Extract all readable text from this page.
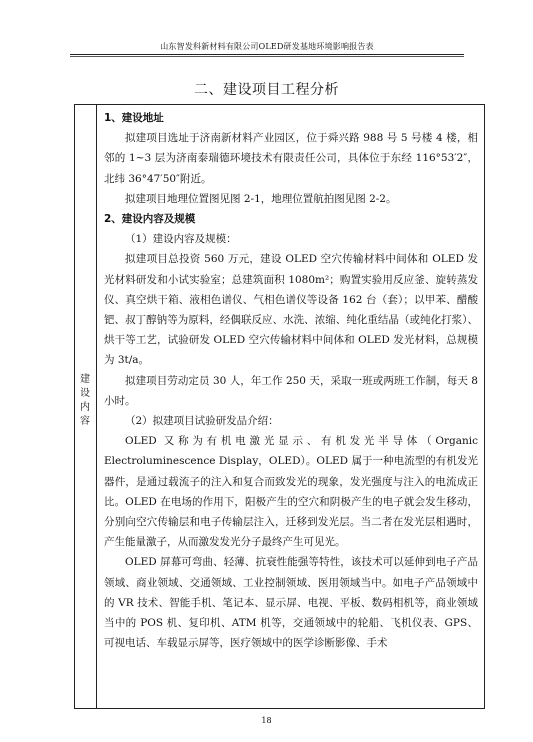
山东智发科新材料有限公司OLED研发基地环境影响报告表
二、建设项目工程分析
建设内容

1、建设地址

拟建项目选址于济南新材料产业园区，位于舜兴路 988 号 5 号楼 4 楼，相邻的 1~3 层为济南泰瑞德环境技术有限责任公司，具体位于东经 116°53′2″，北纬 36°47′50″附近。

拟建项目地理位置图见图 2-1，地理位置航拍图见图 2-2。

2、建设内容及规模

（1）建设内容及规模：

拟建项目总投资 560 万元，建设 OLED 空穴传输材料中间体和 OLED 发光材料研发和小试实验室；总建筑面积 1080m²；购置实验用反应釜、旋转蒸发仪、真空烘干箱、液相色谱仪、气相色谱仪等设备 162 台（套）；以甲苯、醋酸钯、叔丁醇钠等为原料，经偶联反应、水洗、浓缩、纯化重结晶（或纯化打浆）、烘干等工艺，试验研发 OLED 空穴传输材料中间体和 OLED 发光材料，总规模为 3t/a。

拟建项目劳动定员 30 人，年工作 250 天，采取一班或两班工作制，每天 8 小时。

（2）拟建项目试验研发品介绍：

OLED 又称为有机电激光显示、有机发光半导体（Organic Electroluminescence Display，OLED）。OLED 属于一种电流型的有机发光器件，是通过载流子的注入和复合而致发光的现象，发光强度与注入的电流成正比。OLED 在电场的作用下，阳极产生的空穴和阴极产生的电子就会发生移动，分别向空穴传输层和电子传输层注入，迁移到发光层。当二者在发光层相遇时，产生能量激子，从而激发发光分子最终产生可见光。

OLED 屏幕可弯曲、轻薄、抗衰性能强等特性，该技术可以延伸到电子产品领域、商业领域、交通领域、工业控制领域、医用领域当中。如电子产品领域中的 VR 技术、智能手机、笔记本、显示屏、电视、平板、数码相机等，商业领域当中的 POS 机、复印机、ATM 机等，交通领域中的轮船、飞机仪表、GPS、可视电话、车载显示屏等，医疗领域中的医学诊断影像、手术

18
